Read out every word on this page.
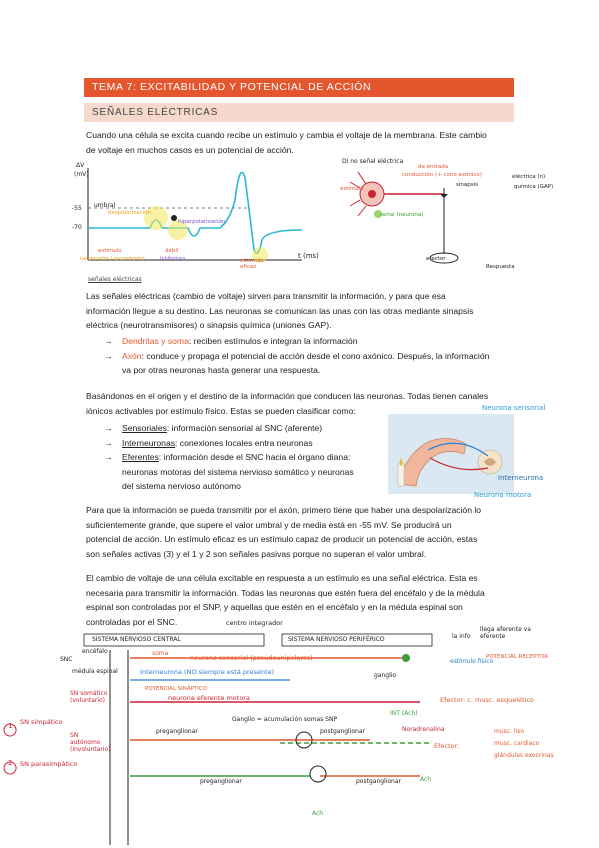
TEMA 7: EXCITABILIDAD Y POTENCIAL DE ACCIÓN
SEÑALES ELÉCTRICAS
Cuando una célula se excita cuando recibe un estímulo y cambia el voltaje de la membrana. Este cambio
de voltaje en muchos casos es un potencial de acción.
ΔV
(mV)
umbral
-55
-70
t (ms)
despolarización
hiperpolarización
estímulo
(acelerador / ascendente)
débil
inhibidora	estímulo eficaz
señales eléctricas
Dí no señal eléctrica
de entrada
conducción (+ cono axónico)
sinapsis
eléctrica (n)
química (GAP)
estímulo
señal (neurona)
efector
Respuesta
Las señales eléctricas (cambio de voltaje) sirven para transmitir la información, y para que esa
información llegue a su destino. Las neuronas se comunican las unas con las otras mediante sinapsis
eléctrica (neurotransmisores) o sinapsis química (uniones GAP).
→ Dendritas y soma: reciben estímulos e integran la información
→ Axón: conduce y propaga el potencial de acción desde el cono axónico. Después, la información
va por otras neuronas hasta generar una respuesta.
Basándonos en el origen y el destino de la información que conducen las neuronas. Todas tienen canales
iónicos activables por estímulo físico. Estas se pueden clasificar como:
→ Sensoriales: información sensorial al SNC (aferente)
→ Interneuronas: conexiones locales entra neuronas
→ Eferentes: información desde el SNC hacia el órgano diana:
neuronas motoras del sistema nervioso somático y neuronas
del sistema nervioso autónomo
Neurona sensorial
Interneurona
Neurona motora
Para que la información se pueda transmitir por el axón, primero tiene que haber una despolarización lo
suficientemente grande, que supere el valor umbral y de media está en -55 mV. Se producirá un
potencial de acción. Un estímulo eficaz es un estímulo capaz de producir un potencial de acción, estas
son señales activas (3) y el 1 y 2 son señales pasivas porque no superan el valor umbral.
El cambio de voltaje de una célula excitable en respuesta a un estímulo es una señal eléctrica. Esta es
necesaria para transmitir la información. Todas las neuronas que estén fuera del encéfalo y de la médula
espinal son controladas por el SNP, y aquellas que estén en el encéfalo y en la médula espinal son
controladas por el SNC.	centro integrador
SISTEMA NERVIOSO CENTRAL	SISTEMA NERVIOSO PERIFÉRICO	la info
llega aferente va eferente
SNC
encéfalo
médula espinal
soma
neurona sensorial (pseudounipolares)
ganglio
estímulo físico
POTENCIAL RECEPTOR
Interneurona (NO siempre está presente)
POTENCIAL SINÁPTICO
neurona eferente motora
SN somático (voluntario)
INT (Ach)
Efector: c. musc. esquelético
SN simpático
SN autónomo (involuntario)
SN parasimpático
1
2
preganglionar	postganglionar
Ganglio = acumulación somas SNP
Noradrenalina
Efector:
musc. liso
musc. cardiaco
glándulas exocrinas
preganglionar	postganglionar	Ach
Ach
